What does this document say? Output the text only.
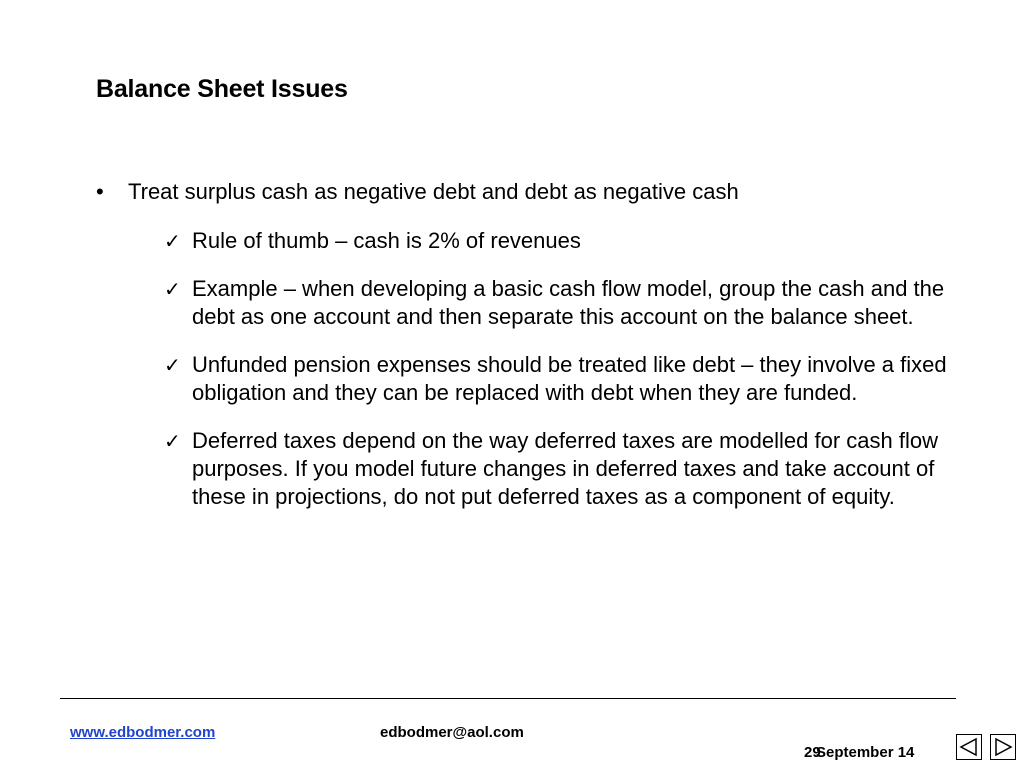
Balance Sheet Issues
• Treat surplus cash as negative debt and debt as negative cash
✓ Rule of thumb – cash is 2% of revenues
✓ Example – when developing a basic cash flow model, group the cash and the debt as one account and then separate this account on the balance sheet.
✓ Unfunded pension expenses should be treated like debt – they involve a fixed obligation and they can be replaced with debt when they are funded.
✓ Deferred taxes depend on the way deferred taxes are modelled for cash flow purposes. If you model future changes in deferred taxes and take account of these in projections, do not put deferred taxes as a component of equity.
www.edbodmer.com	edbodmer@aol.com
29
September 14
